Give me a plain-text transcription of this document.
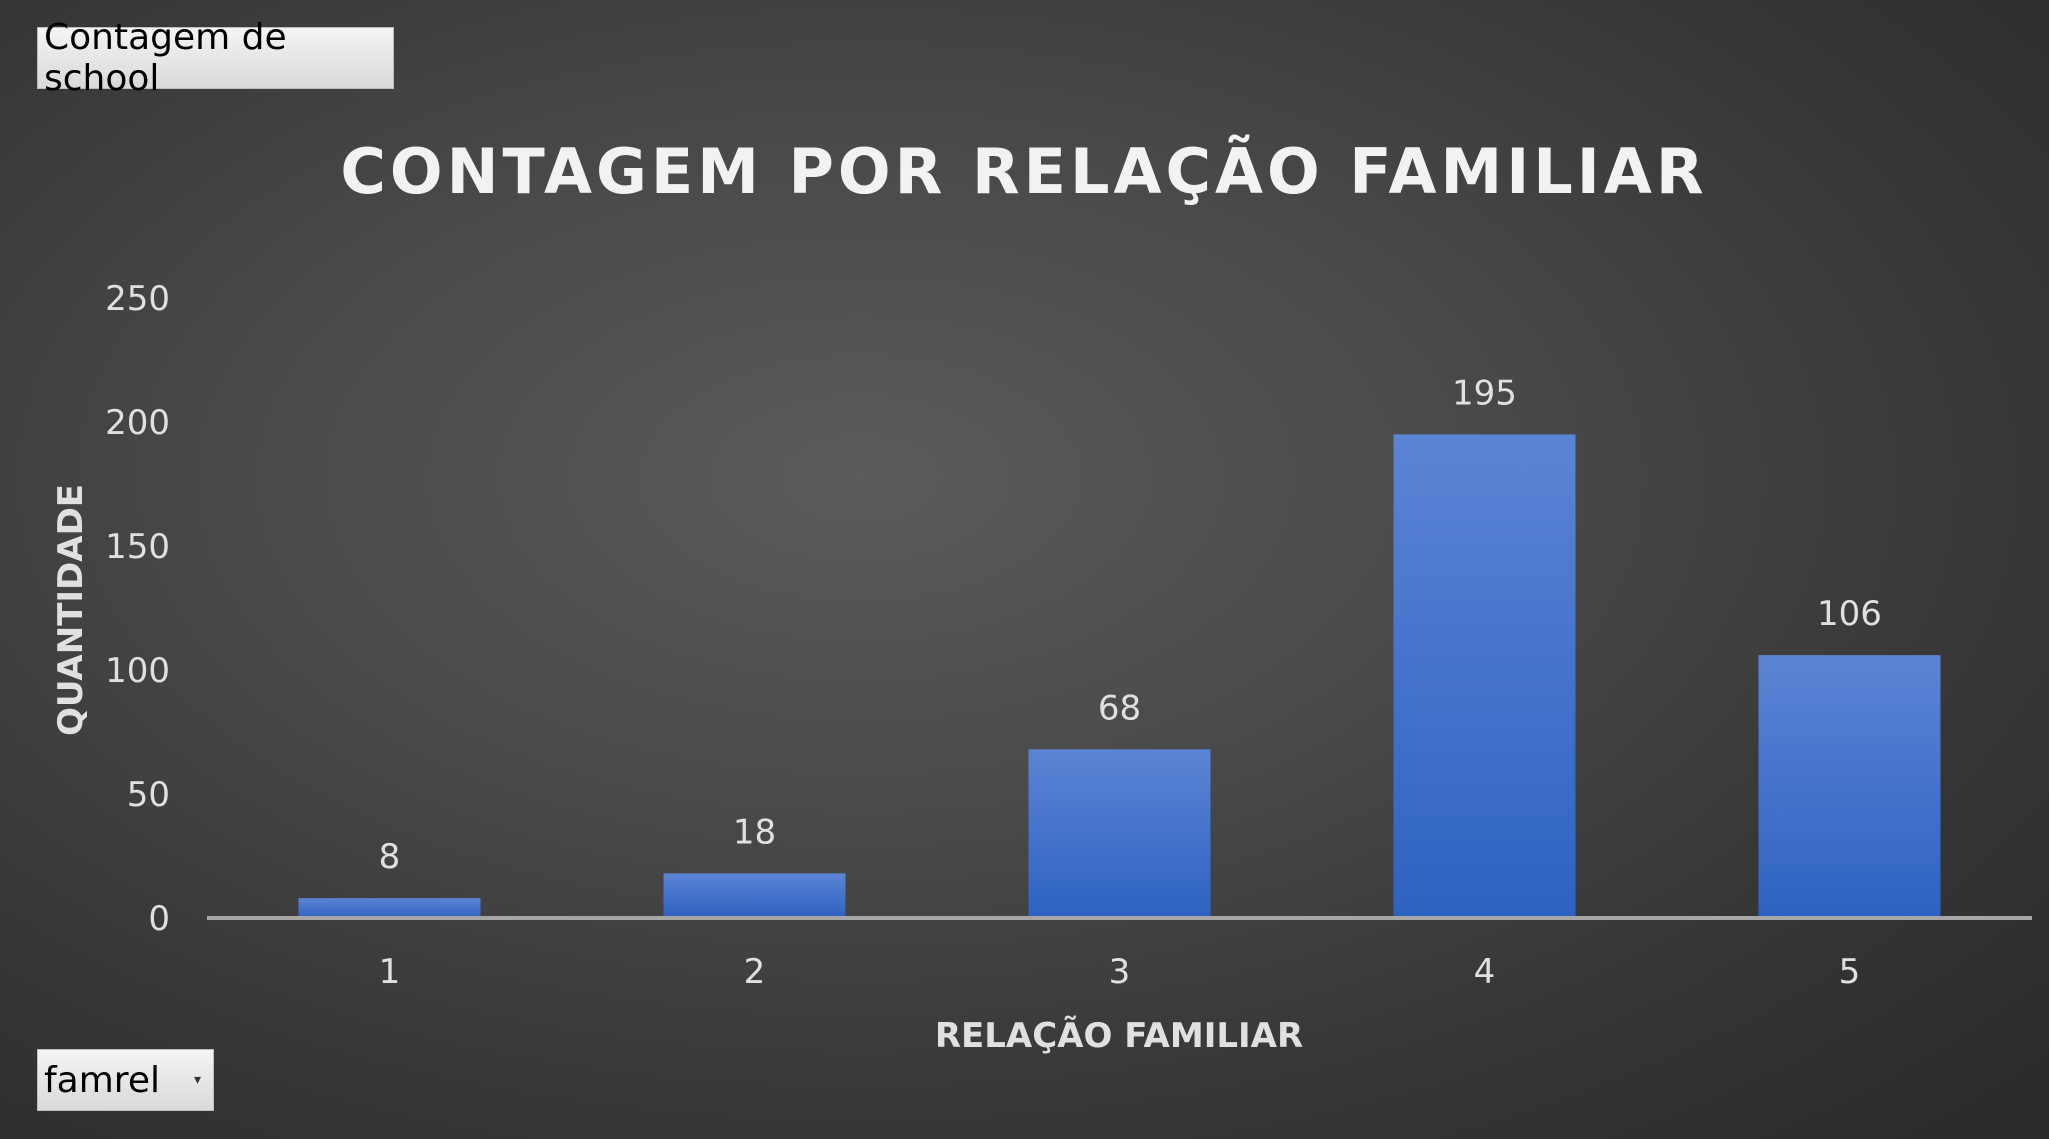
Contagem de school
CONTAGEM POR RELAÇÃO FAMILIAR
QUANTIDADE
RELAÇÃO FAMILIAR
0
50
100
150
200
250
8
18
68
195
106
1	2	3	4	5
famrel ▾
